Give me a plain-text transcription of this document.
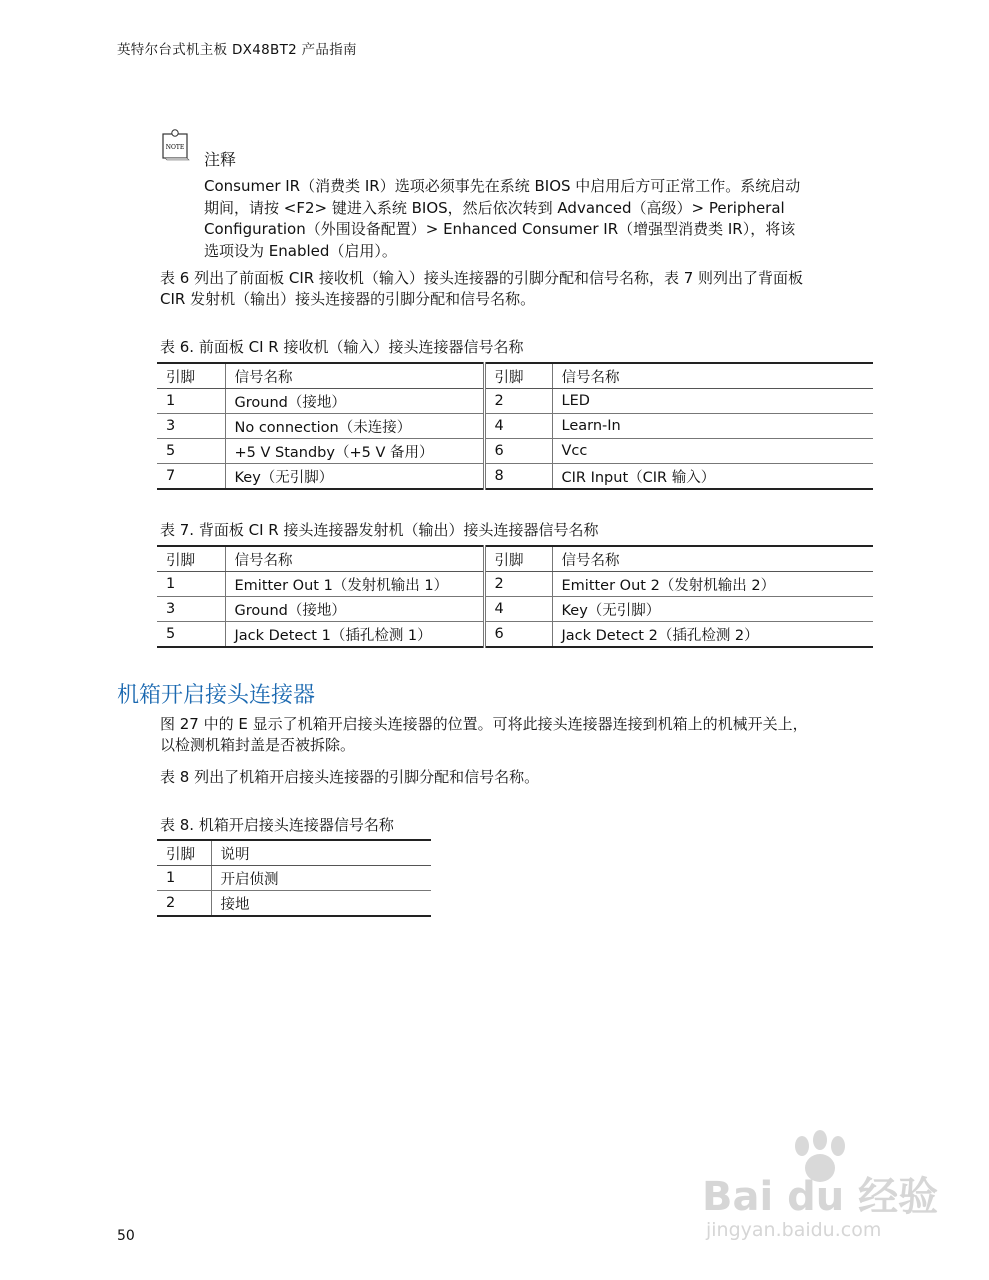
英特尔台式机主板 DX48BT2 产品指南
NOTE
注释
Consumer IR（消费类 IR）选项必须事先在系统 BIOS 中启用后方可正常工作。系统启动
期间，请按 <F2> 键进入系统 BIOS，然后依次转到 Advanced（高级）> Peripheral
Configuration（外围设备配置）> Enhanced Consumer IR（增强型消费类 IR），将该
选项设为 Enabled（启用）。
表 6 列出了前面板 CIR 接收机（输入）接头连接器的引脚分配和信号名称，表 7 则列出了背面板
CIR 发射机（输出）接头连接器的引脚分配和信号名称。
表 6. 前面板 CI R 接收机（输入）接头连接器信号名称
引脚	信号名称	引脚	信号名称
1	Ground（接地）	2	LED
3	No connection（未连接）	4	Learn-In
5	+5 V Standby（+5 V 备用）	6	Vcc
7	Key（无引脚）	8	CIR Input（CIR 输入）
表 7. 背面板 CI R 接头连接器发射机（输出）接头连接器信号名称
引脚	信号名称	引脚	信号名称
1	Emitter Out 1（发射机输出 1）	2	Emitter Out 2（发射机输出 2）
3	Ground（接地）	4	Key（无引脚）
5	Jack Detect 1（插孔检测 1）	6	Jack Detect 2（插孔检测 2）
机箱开启接头连接器
图 27 中的 E 显示了机箱开启接头连接器的位置。可将此接头连接器连接到机箱上的机械开关上，
以检测机箱封盖是否被拆除。
表 8 列出了机箱开启接头连接器的引脚分配和信号名称。
表 8. 机箱开启接头连接器信号名称
引脚	说明
1	开启侦测
2	接地
Bai du 经验
jingyan.baidu.com
50
